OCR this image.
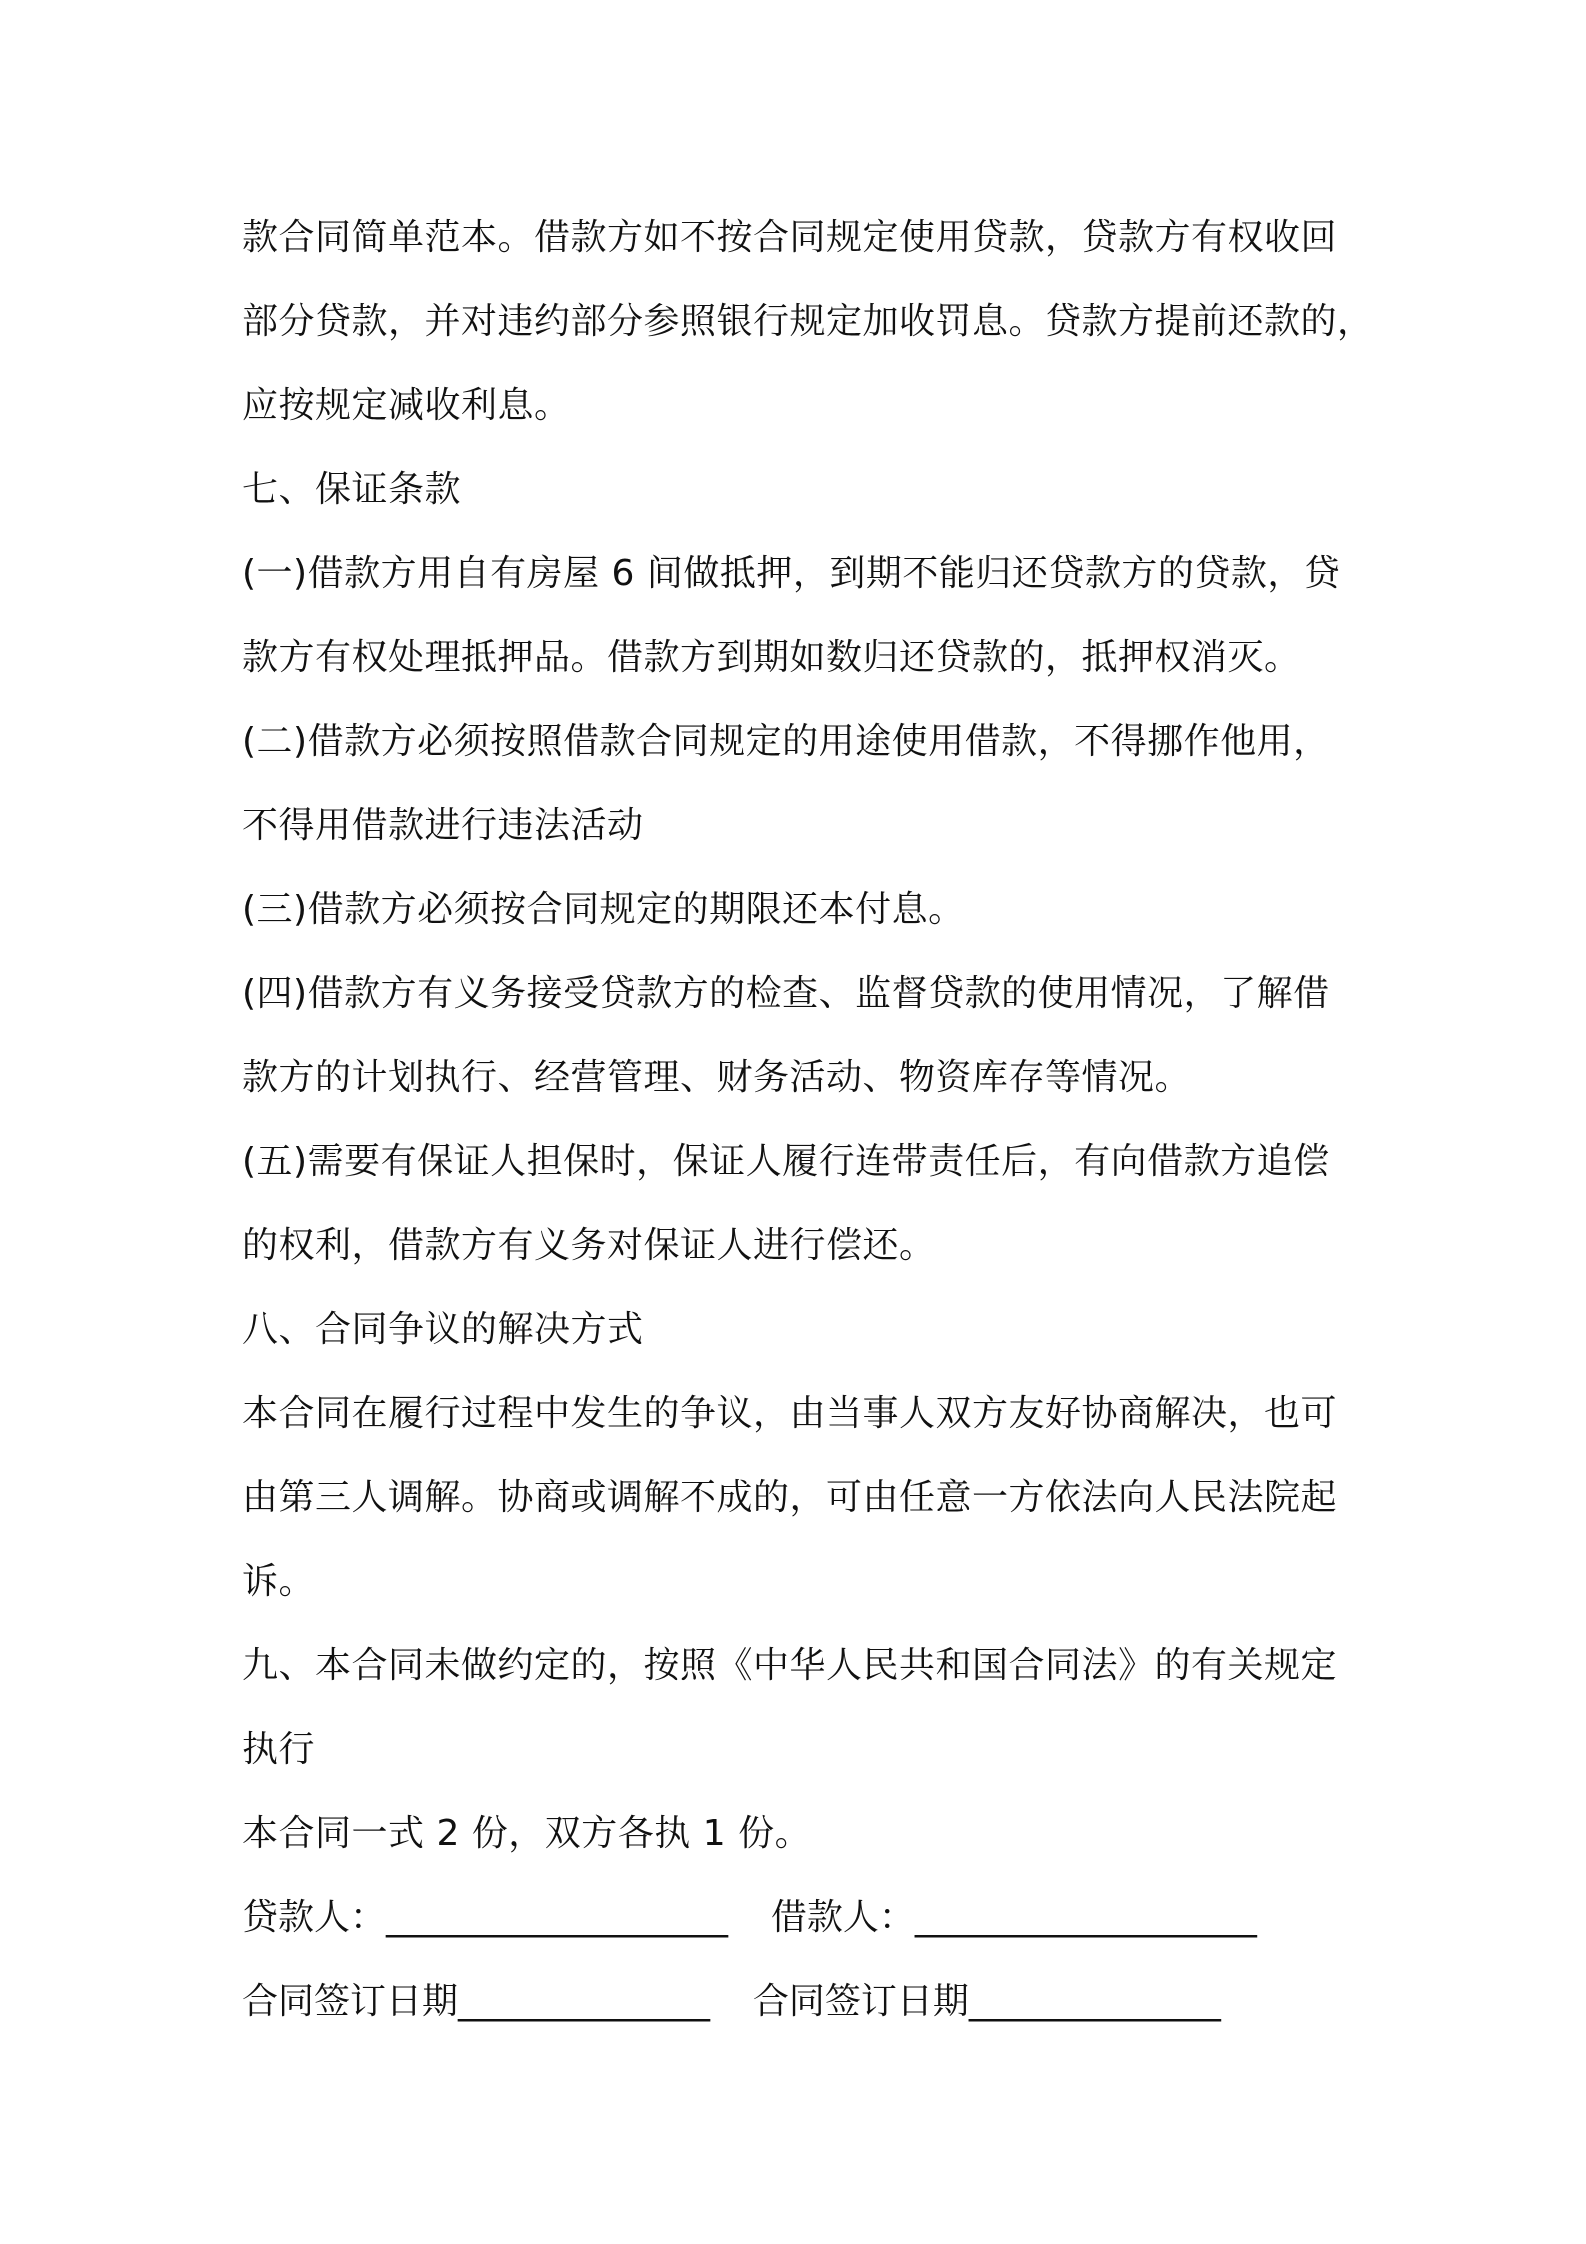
款合同简单范本。借款方如不按合同规定使用贷款，贷款方有权收回
部分贷款，并对违约部分参照银行规定加收罚息。贷款方提前还款的，
应按规定减收利息。
七、保证条款
(一)借款方用自有房屋 6 间做抵押，到期不能归还贷款方的贷款，贷
款方有权处理抵押品。借款方到期如数归还贷款的，抵押权消灭。
(二)借款方必须按照借款合同规定的用途使用借款，不得挪作他用，
不得用借款进行违法活动
(三)借款方必须按合同规定的期限还本付息。
(四)借款方有义务接受贷款方的检查、监督贷款的使用情况，了解借
款方的计划执行、经营管理、财务活动、物资库存等情况。
(五)需要有保证人担保时，保证人履行连带责任后，有向借款方追偿
的权利，借款方有义务对保证人进行偿还。
八、合同争议的解决方式
本合同在履行过程中发生的争议，由当事人双方友好协商解决，也可
由第三人调解。协商或调解不成的，可由任意一方依法向人民法院起
诉。
九、本合同未做约定的，按照《中华人民共和国合同法》的有关规定
执行
本合同一式 2 份，双方各执 1 份。
贷款人：___________________ 借款人：___________________
合同签订日期______________ 合同签订日期______________
